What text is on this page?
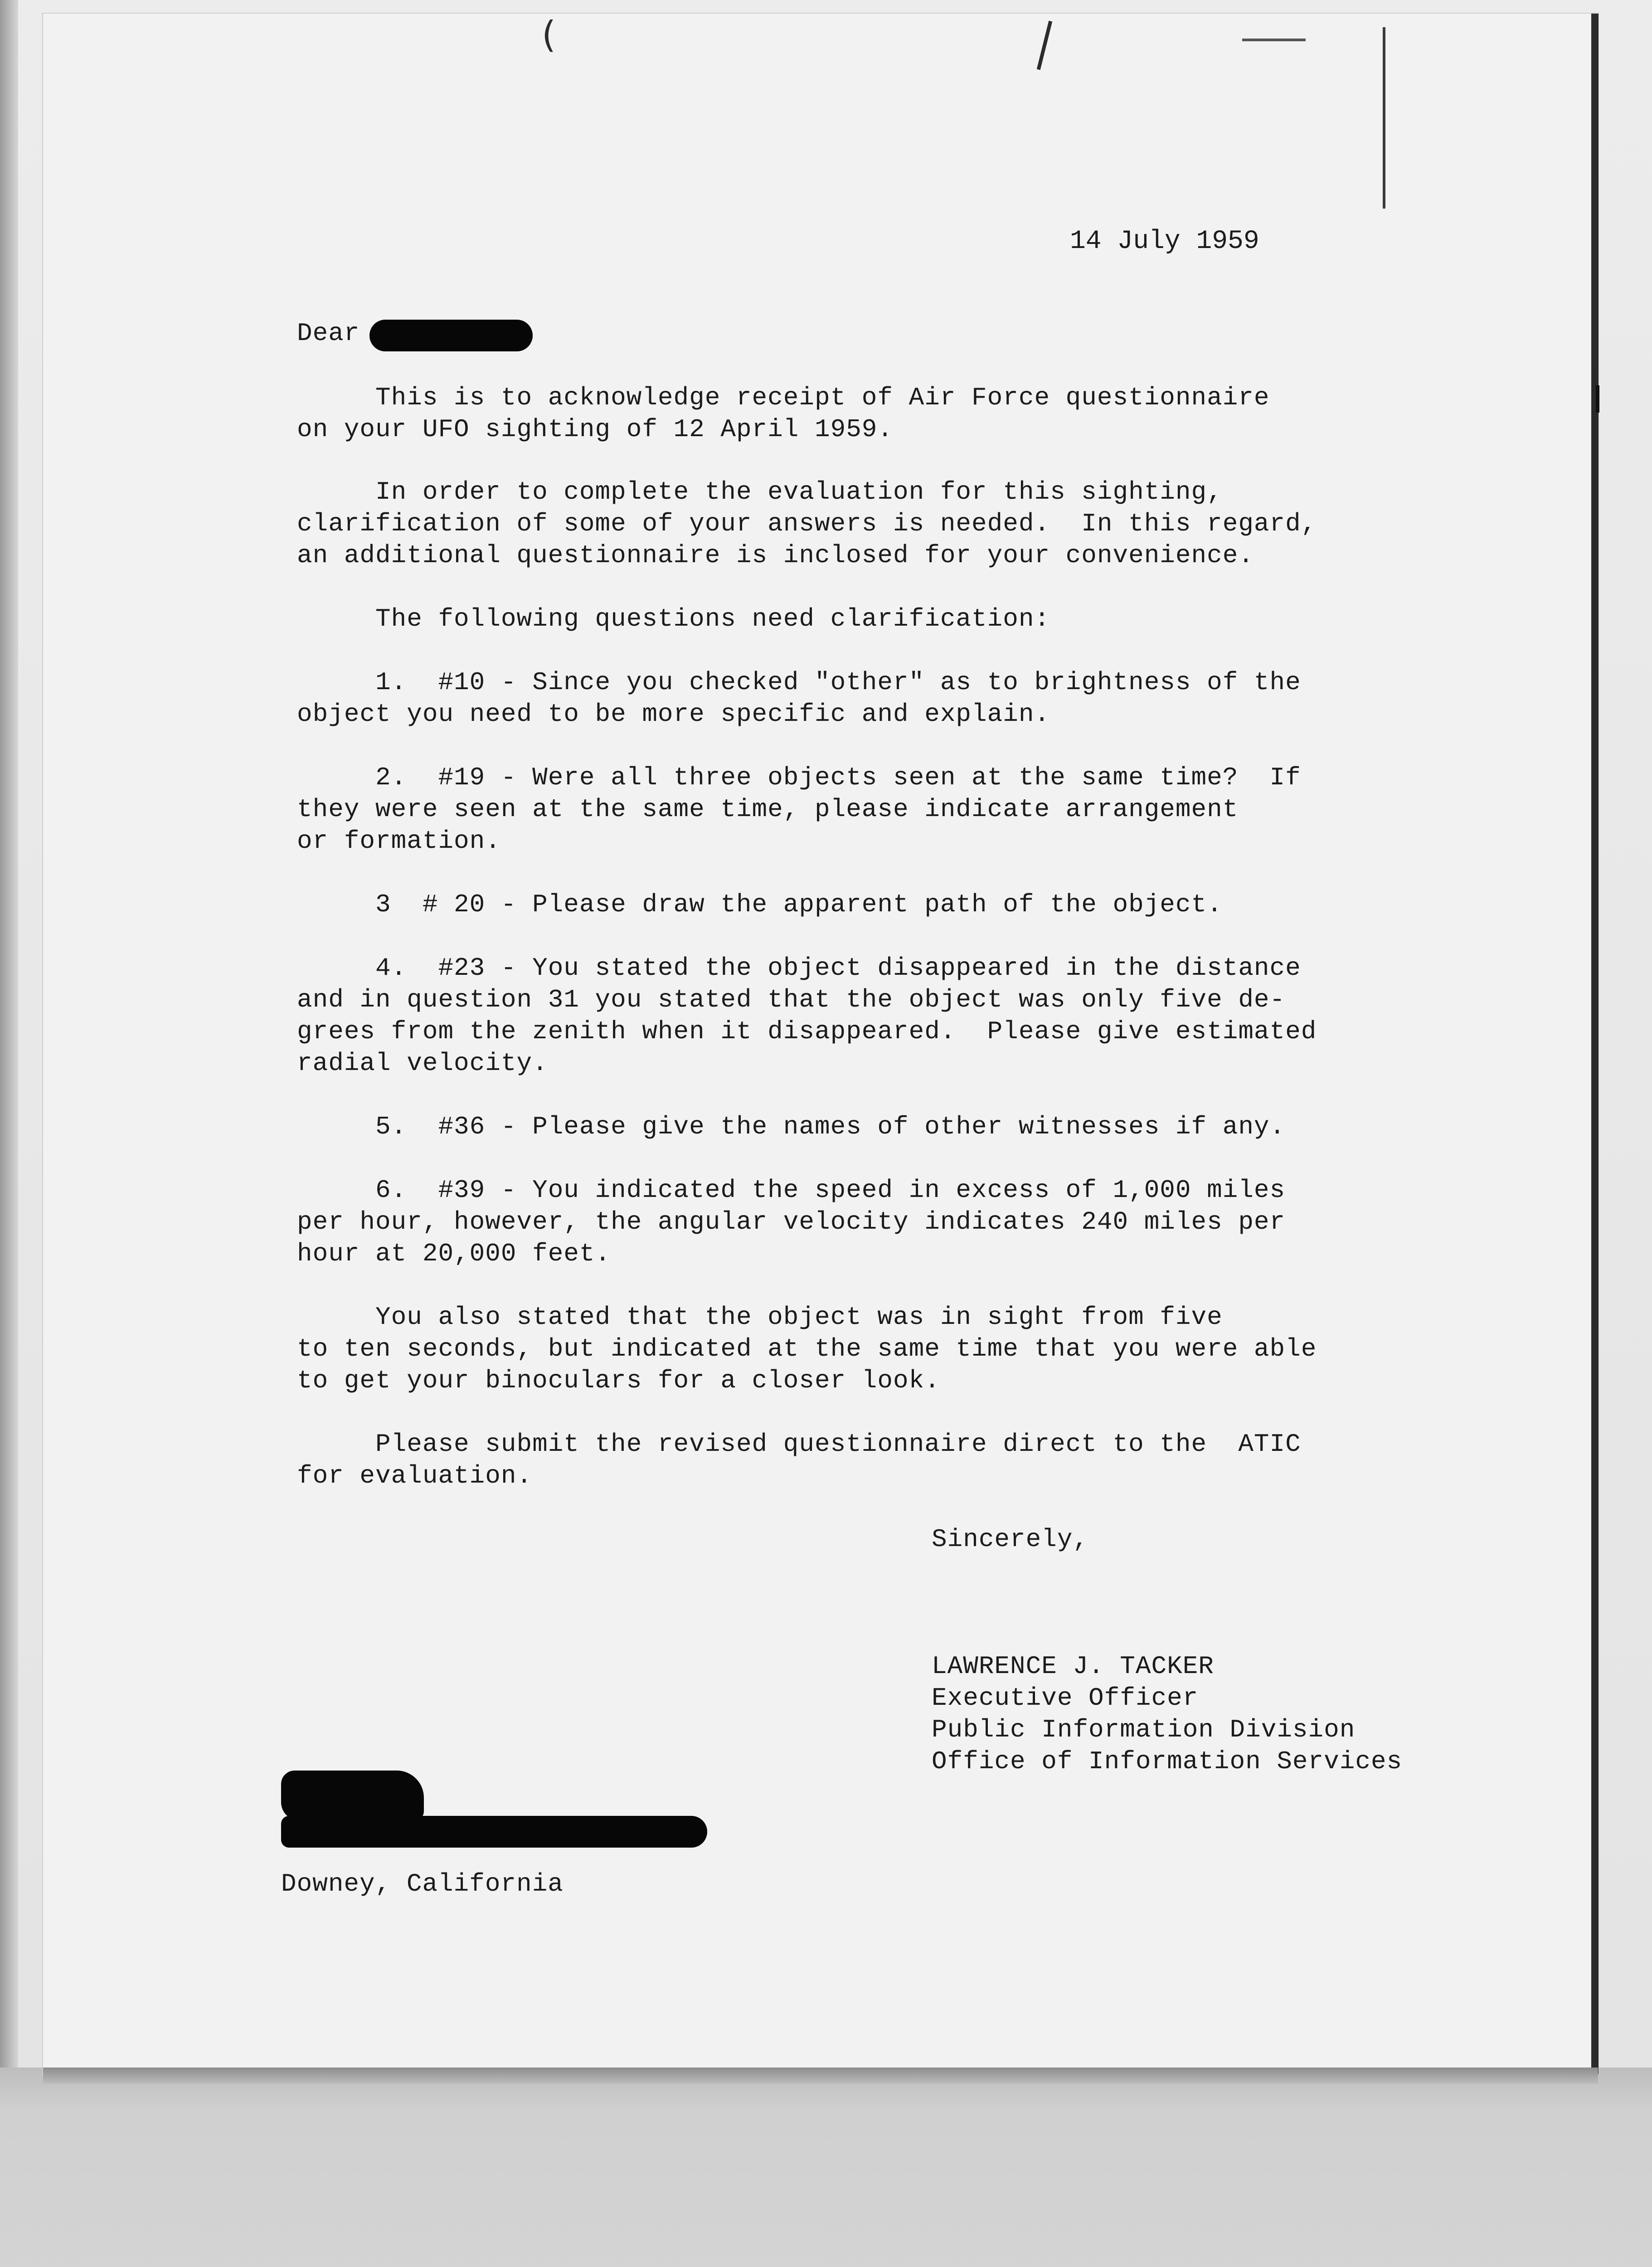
(
14 July 1959
Dear
This is to acknowledge receipt of Air Force questionnaire
on your UFO sighting of 12 April 1959.
In order to complete the evaluation for this sighting,
clarification of some of your answers is needed.  In this regard,
an additional questionnaire is inclosed for your convenience.
The following questions need clarification:
1.  #10 - Since you checked "other" as to brightness of the
object you need to be more specific and explain.
2.  #19 - Were all three objects seen at the same time?  If
they were seen at the same time, please indicate arrangement
or formation.
3  # 20 - Please draw the apparent path of the object.
4.  #23 - You stated the object disappeared in the distance
and in question 31 you stated that the object was only five de-
grees from the zenith when it disappeared.  Please give estimated
radial velocity.
5.  #36 - Please give the names of other witnesses if any.
6.  #39 - You indicated the speed in excess of 1,000 miles
per hour, however, the angular velocity indicates 240 miles per
hour at 20,000 feet.
You also stated that the object was in sight from five
to ten seconds, but indicated at the same time that you were able
to get your binoculars for a closer look.
Please submit the revised questionnaire direct to the  ATIC
for evaluation.
Sincerely,
LAWRENCE J. TACKER
Executive Officer
Public Information Division
Office of Information Services
Downey, California
